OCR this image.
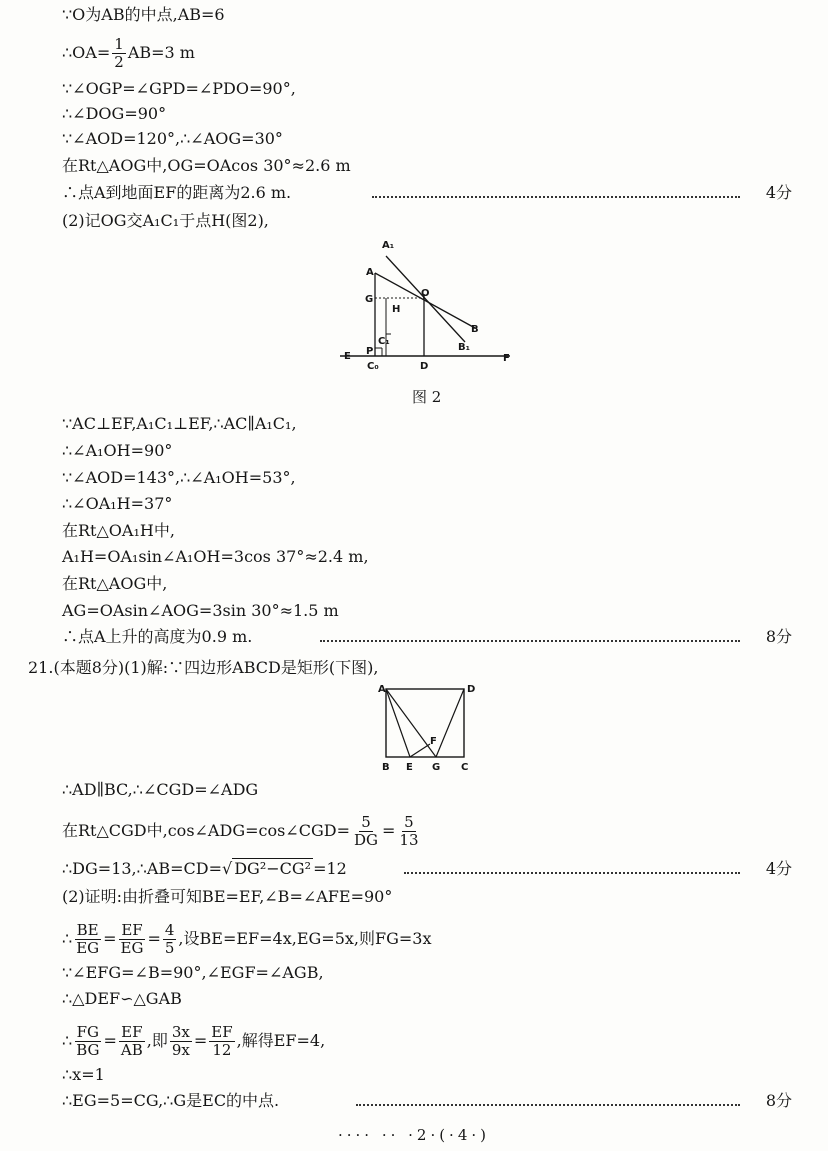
∵O为AB的中点,AB=6
∴OA= $\frac{1}{2} AB=3$ m
∵∠OGP=∠GPD=∠PDO=90°,
∴∠DOG=90°
∵∠AOD=120°,∴∠AOG=30°
在Rt△AOG中,OG=OAcos 30°≈2.6 m
∴点A到地面EF的距离为2.6 m.	4分
(2)记OG交A₁C₁于点H(图2),
A₁
A
G
H
O
B
B₁
C₁
P
C₀	D
E	F
图 2
∵AC⊥EF,A₁C₁⊥EF,∴AC∥A₁C₁,
∴∠A₁OH=90°
∵∠AOD=143°,∴∠A₁OH=53°,
∴∠OA₁H=37°
在Rt△OA₁H中,
A₁H=OA₁sin∠A₁OH=3cos 37°≈2.4 m,
在Rt△AOG中,
AG=OAsin∠AOG=3sin 30°≈1.5 m
∴点A上升的高度为0.9 m.	8分
21.(本题8分)(1)解:∵四边形ABCD是矩形(下图),
A	D
F
B E G C
∴AD∥BC,∴∠CGD=∠ADG
在Rt△CGD中,cos∠ADG=cos∠CGD= $\frac{5}{DG} = \frac{5}{13}$
∴DG=13,∴AB=CD=√ DG²−CG² =12	4分
(2)证明:由折叠可知BE=EF,∠B=∠AFE=90°
∴ $\frac{BE}{EG} = \frac{EF}{EG} = \frac{4}{5}$ ,设BE=EF=4x,EG=5x,则FG=3x
∵∠EFG=∠B=90°,∠EGF=∠AGB,
∴△DEF∽△GAB
∴ $\frac{FG}{BG} = \frac{EF}{AB}$ ,即 $\frac{3x}{9x} = \frac{EF}{12}$ ,解得EF=4,
∴x=1
∴EG=5=CG,∴G是EC的中点.	8分
···· ·· ·2·(·4·)
